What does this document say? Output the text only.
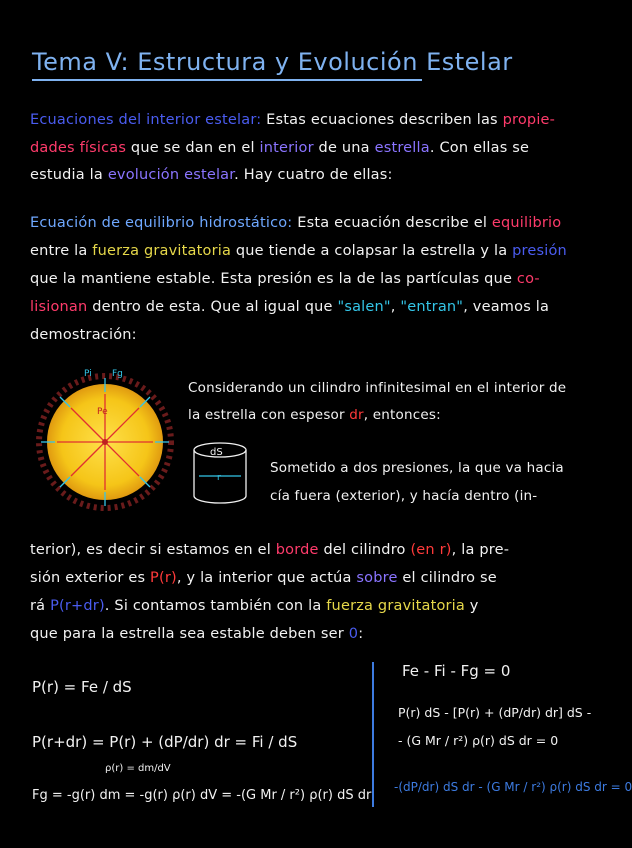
Tema V: Estructura y Evolución Estelar
Ecuaciones del interior estelar: Estas ecuaciones describen las propie-
dades físicas que se dan en el interior de una estrella. Con ellas se
estudia la evolución estelar. Hay cuatro de ellas:
Ecuación de equilibrio hidrostático: Esta ecuación describe el equilibrio
entre la fuerza gravitatoria que tiende a colapsar la estrella y la presión
que la mantiene estable. Esta presión es la de las partículas que co-
lisionan dentro de esta. Que al igual que "salen", "entran", veamos la
demostración:
Pi Fg
Pe
Considerando un cilindro infinitesimal en el interior de
la estrella con espesor dr, entonces:
dS
r
Sometido a dos presiones, la que va hacia
cía fuera (exterior), y hacía dentro (in-
terior), es decir si estamos en el borde del cilindro (en r), la pre-
sión exterior es P(r), y la interior que actúa sobre el cilindro se
rá P(r+dr). Si contamos también con la fuerza gravitatoria y
que para la estrella sea estable deben ser 0:
P(r) = Fe / dS
P(r+dr) = P(r) + (dP/dr) dr = Fi / dS
ρ(r) = dm/dV
Fg = -g(r) dm = -g(r) ρ(r) dV = -(G Mr / r²) ρ(r) dS dr
Fe - Fi - Fg = 0
P(r) dS - [P(r) + (dP/dr) dr] dS -
- (G Mr / r²) ρ(r) dS dr = 0
-(dP/dr) dS dr - (G Mr / r²) ρ(r) dS dr = 0
